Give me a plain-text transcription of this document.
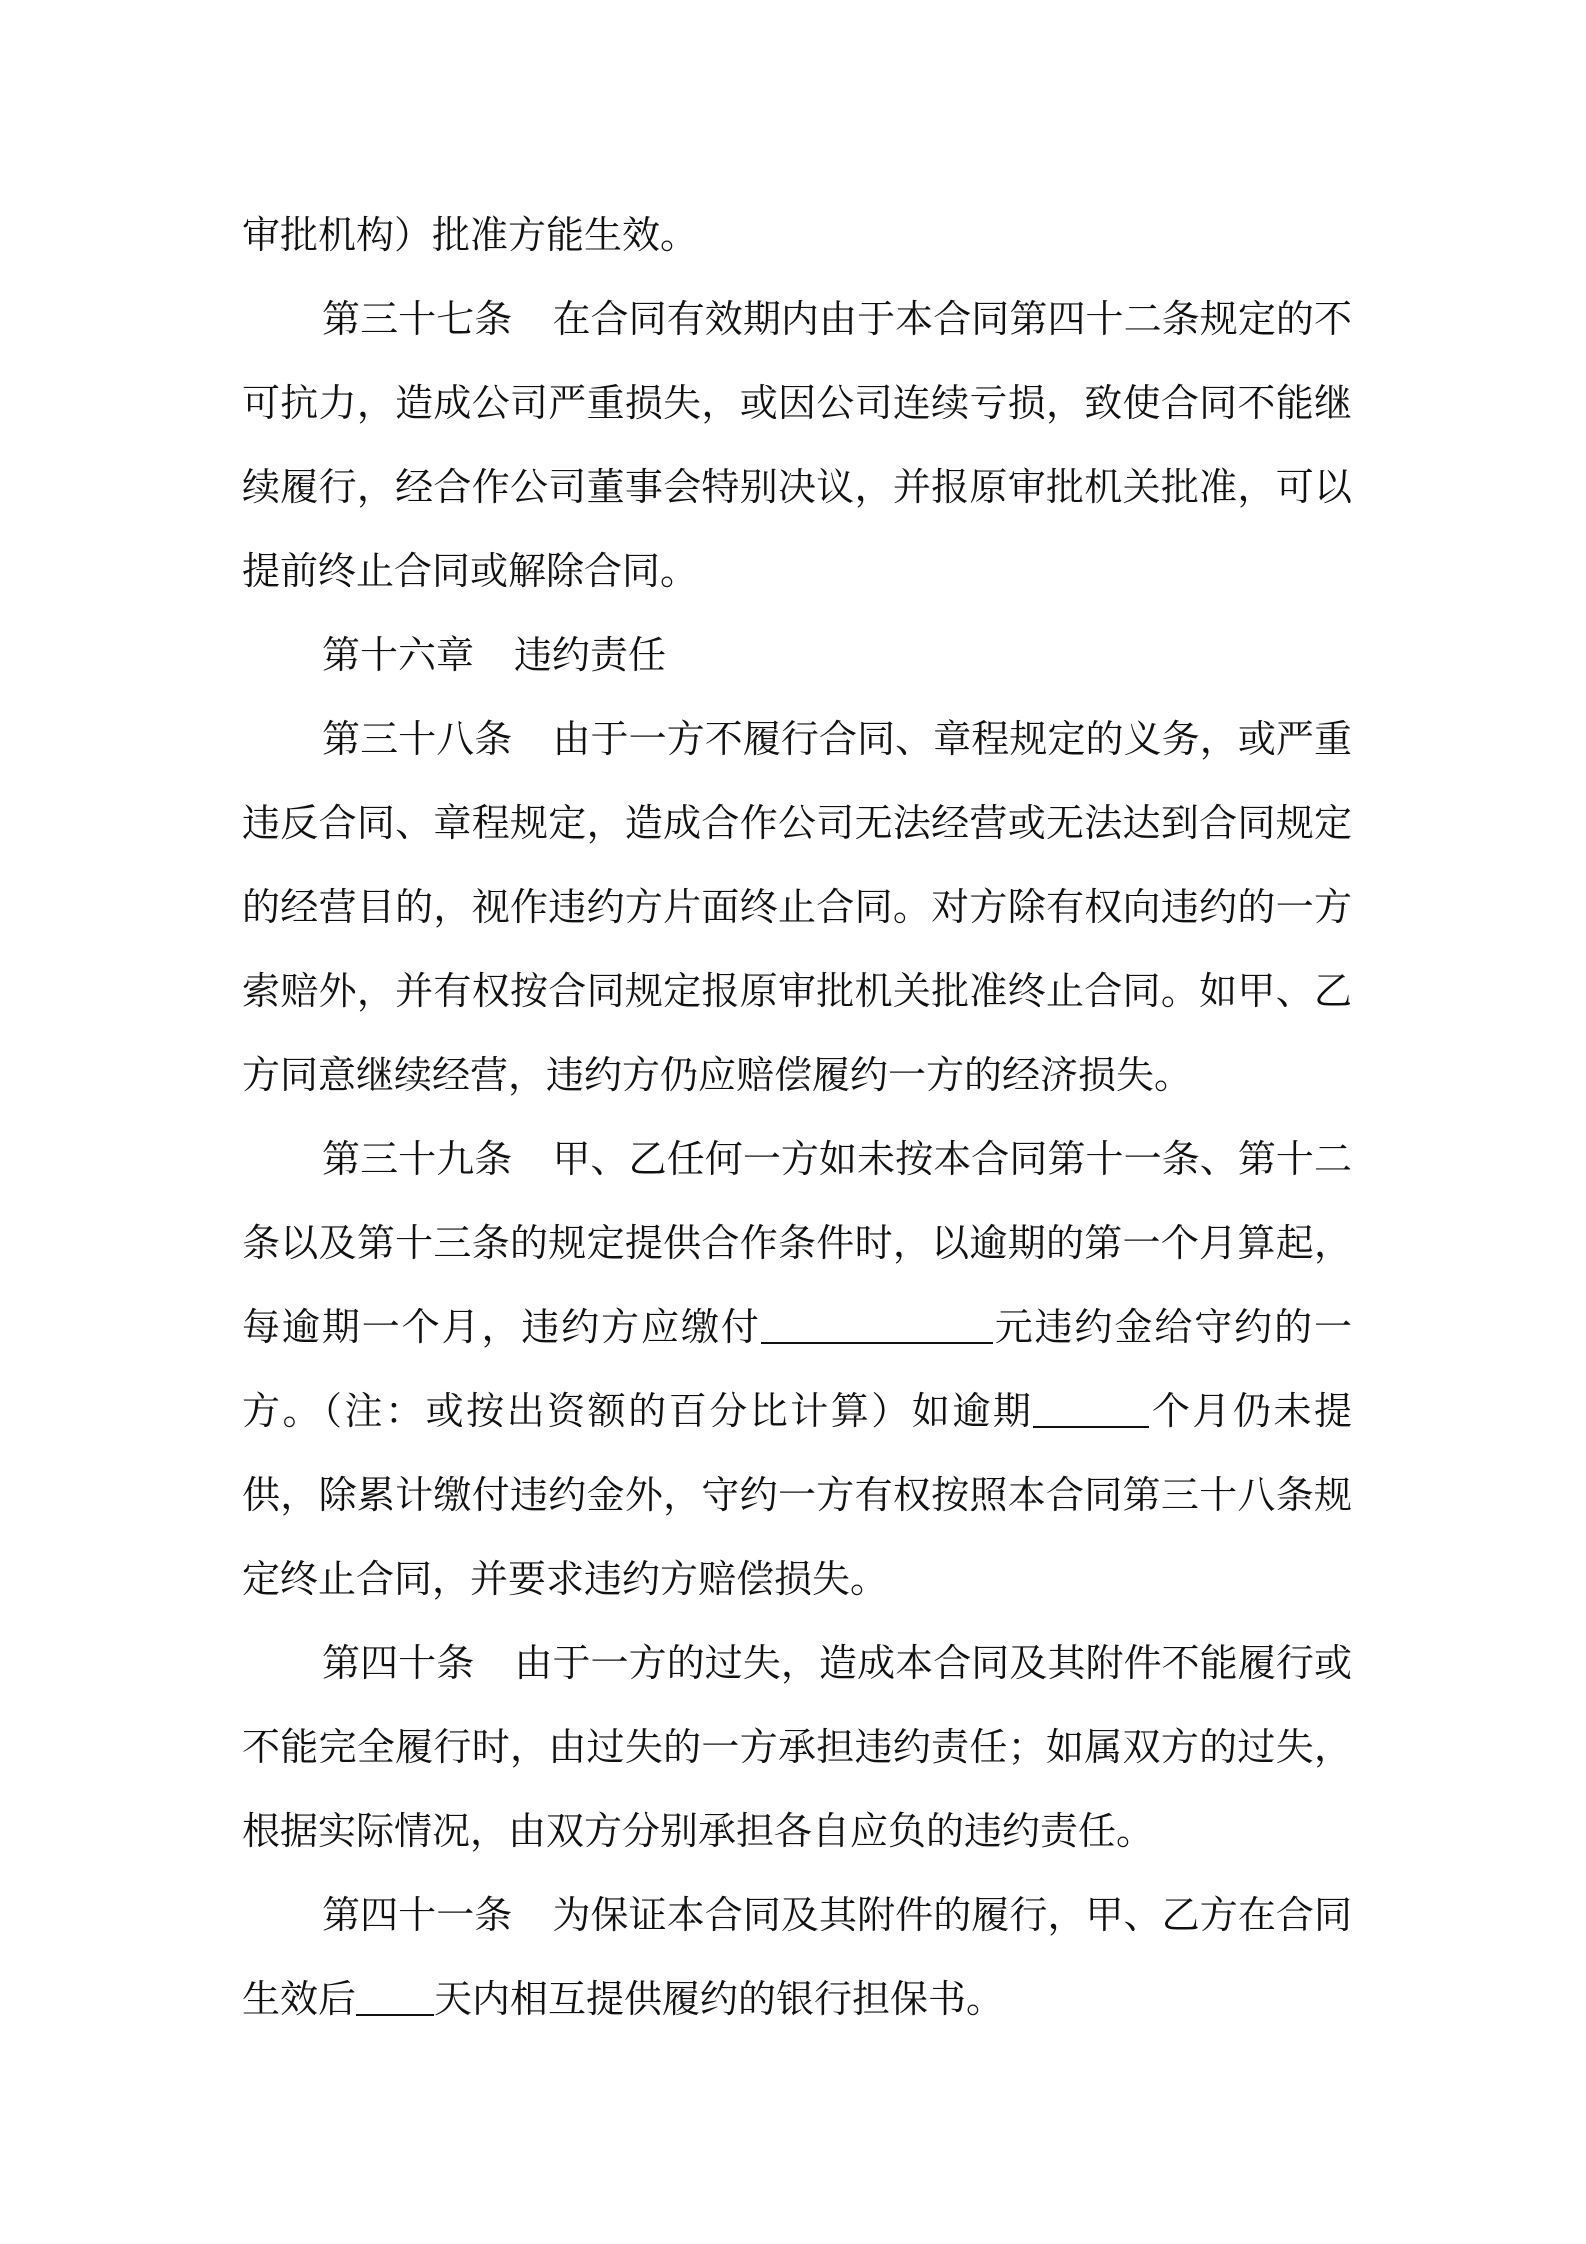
审批机构）批准方能生效。

第三十七条 在合同有效期内由于本合同第四十二条规定的不可抗力，造成公司严重损失，或因公司连续亏损，致使合同不能继续履行，经合作公司董事会特别决议，并报原审批机关批准，可以提前终止合同或解除合同。

第十六章 违约责任

第三十八条 由于一方不履行合同、章程规定的义务，或严重违反合同、章程规定，造成合作公司无法经营或无法达到合同规定的经营目的，视作违约方片面终止合同。对方除有权向违约的一方索赔外，并有权按合同规定报原审批机关批准终止合同。如甲、乙方同意继续经营，违约方仍应赔偿履约一方的经济损失。

第三十九条 甲、乙任何一方如未按本合同第十一条、第十二条以及第十三条的规定提供合作条件时，以逾期的第一个月算起，每逾期一个月，违约方应缴付	元违约金给守约的一方。（注：或按出资额的百分比计算）如逾期	个月仍未提供，除累计缴付违约金外，守约一方有权按照本合同第三十八条规定终止合同，并要求违约方赔偿损失。

第四十条 由于一方的过失，造成本合同及其附件不能履行或不能完全履行时，由过失的一方承担违约责任；如属双方的过失，根据实际情况，由双方分别承担各自应负的违约责任。

第四十一条 为保证本合同及其附件的履行，甲、乙方在合同生效后 天内相互提供履约的银行担保书。
